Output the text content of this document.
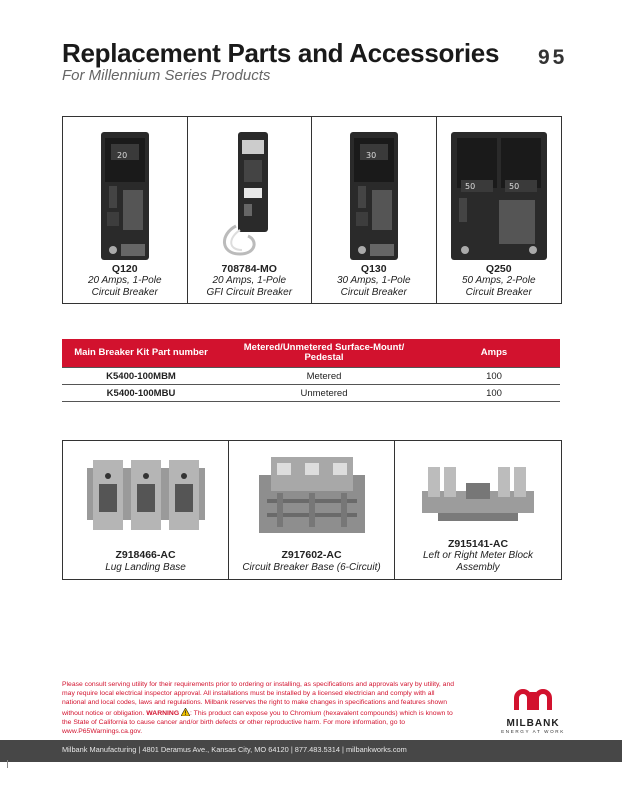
Replacement Parts and Accessories
For Millennium Series Products
95
20
Q120
20 Amps, 1-Pole
Circuit Breaker
708784-MO
20 Amps, 1-Pole
GFI Circuit Breaker
30
Q130
30 Amps, 1-Pole
Circuit Breaker
50	50
Q250
50 Amps, 2-Pole
Circuit Breaker
Main Breaker Kit Part number	Metered/Unmetered Surface-Mount/ Pedestal	Amps
K5400-100MBM	Metered	100
K5400-100MBU	Unmetered	100
Z918466-AC
Lug Landing Base
Z917602-AC
Circuit Breaker Base (6-Circuit)
Z915141-AC
Left or Right Meter Block
Assembly
Please consult serving utility for their requirements prior to ordering or installing, as specifications and approvals vary by utility, and may require local electrical inspector approval. All installations must be installed by a licensed electrician and comply with all national and local codes, laws and regulations. Milbank reserves the right to make changes in specifications and features shown without notice or obligation. WARNING : This product can expose you to Chromium (hexavalent compounds) which is known to the State of California to cause cancer and/or birth defects or other reproductive harm. For more information, go to www.P65Warnings.ca.gov.
MILBANK
ENERGY AT WORK
Milbank Manufacturing | 4801 Deramus Ave., Kansas City, MO 64120 | 877.483.5314 | milbankworks.com
